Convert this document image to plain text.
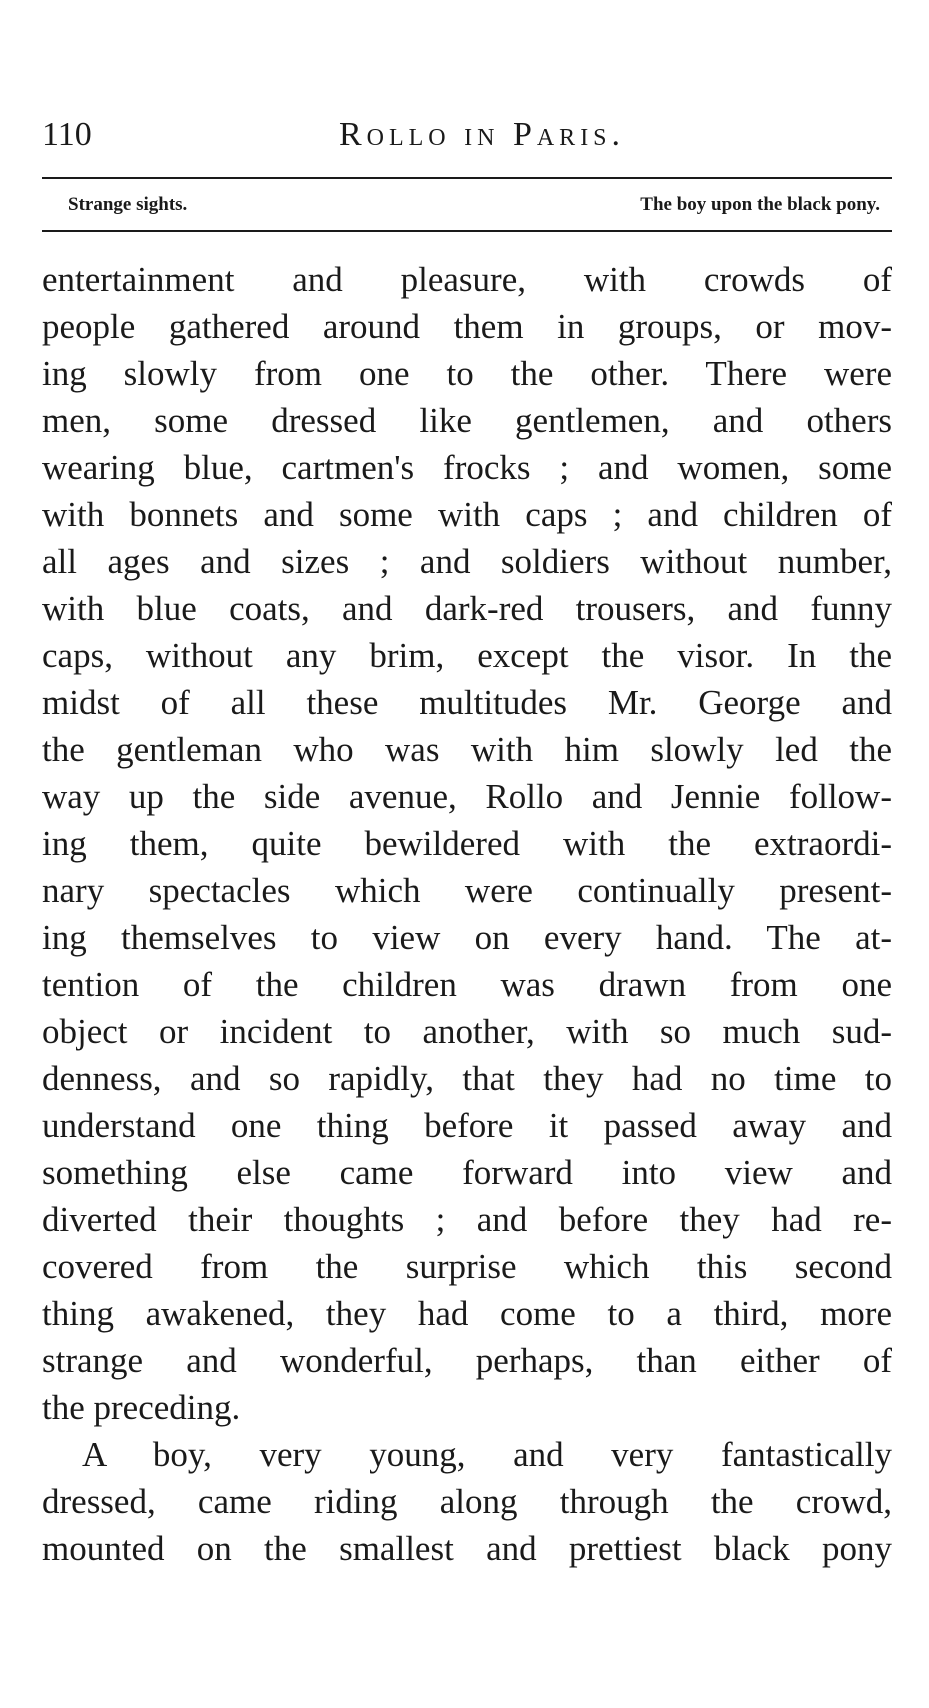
110	Rollo in Paris.
Strange sights.	The boy upon the black pony.
entertainment and pleasure, with crowds of
people gathered around them in groups, or mov-
ing slowly from one to the other. There were
men, some dressed like gentlemen, and others
wearing blue, cartmen's frocks ; and women, some
with bonnets and some with caps ; and children of
all ages and sizes ; and soldiers without number,
with blue coats, and dark-red trousers, and funny
caps, without any brim, except the visor. In the
midst of all these multitudes Mr. George and
the gentleman who was with him slowly led the
way up the side avenue, Rollo and Jennie follow-
ing them, quite bewildered with the extraordi-
nary spectacles which were continually present-
ing themselves to view on every hand. The at-
tention of the children was drawn from one
object or incident to another, with so much sud-
denness, and so rapidly, that they had no time to
understand one thing before it passed away and
something else came forward into view and
diverted their thoughts ; and before they had re-
covered from the surprise which this second
thing awakened, they had come to a third, more
strange and wonderful, perhaps, than either of
the preceding.
A boy, very young, and very fantastically
dressed, came riding along through the crowd,
mounted on the smallest and prettiest black pony
